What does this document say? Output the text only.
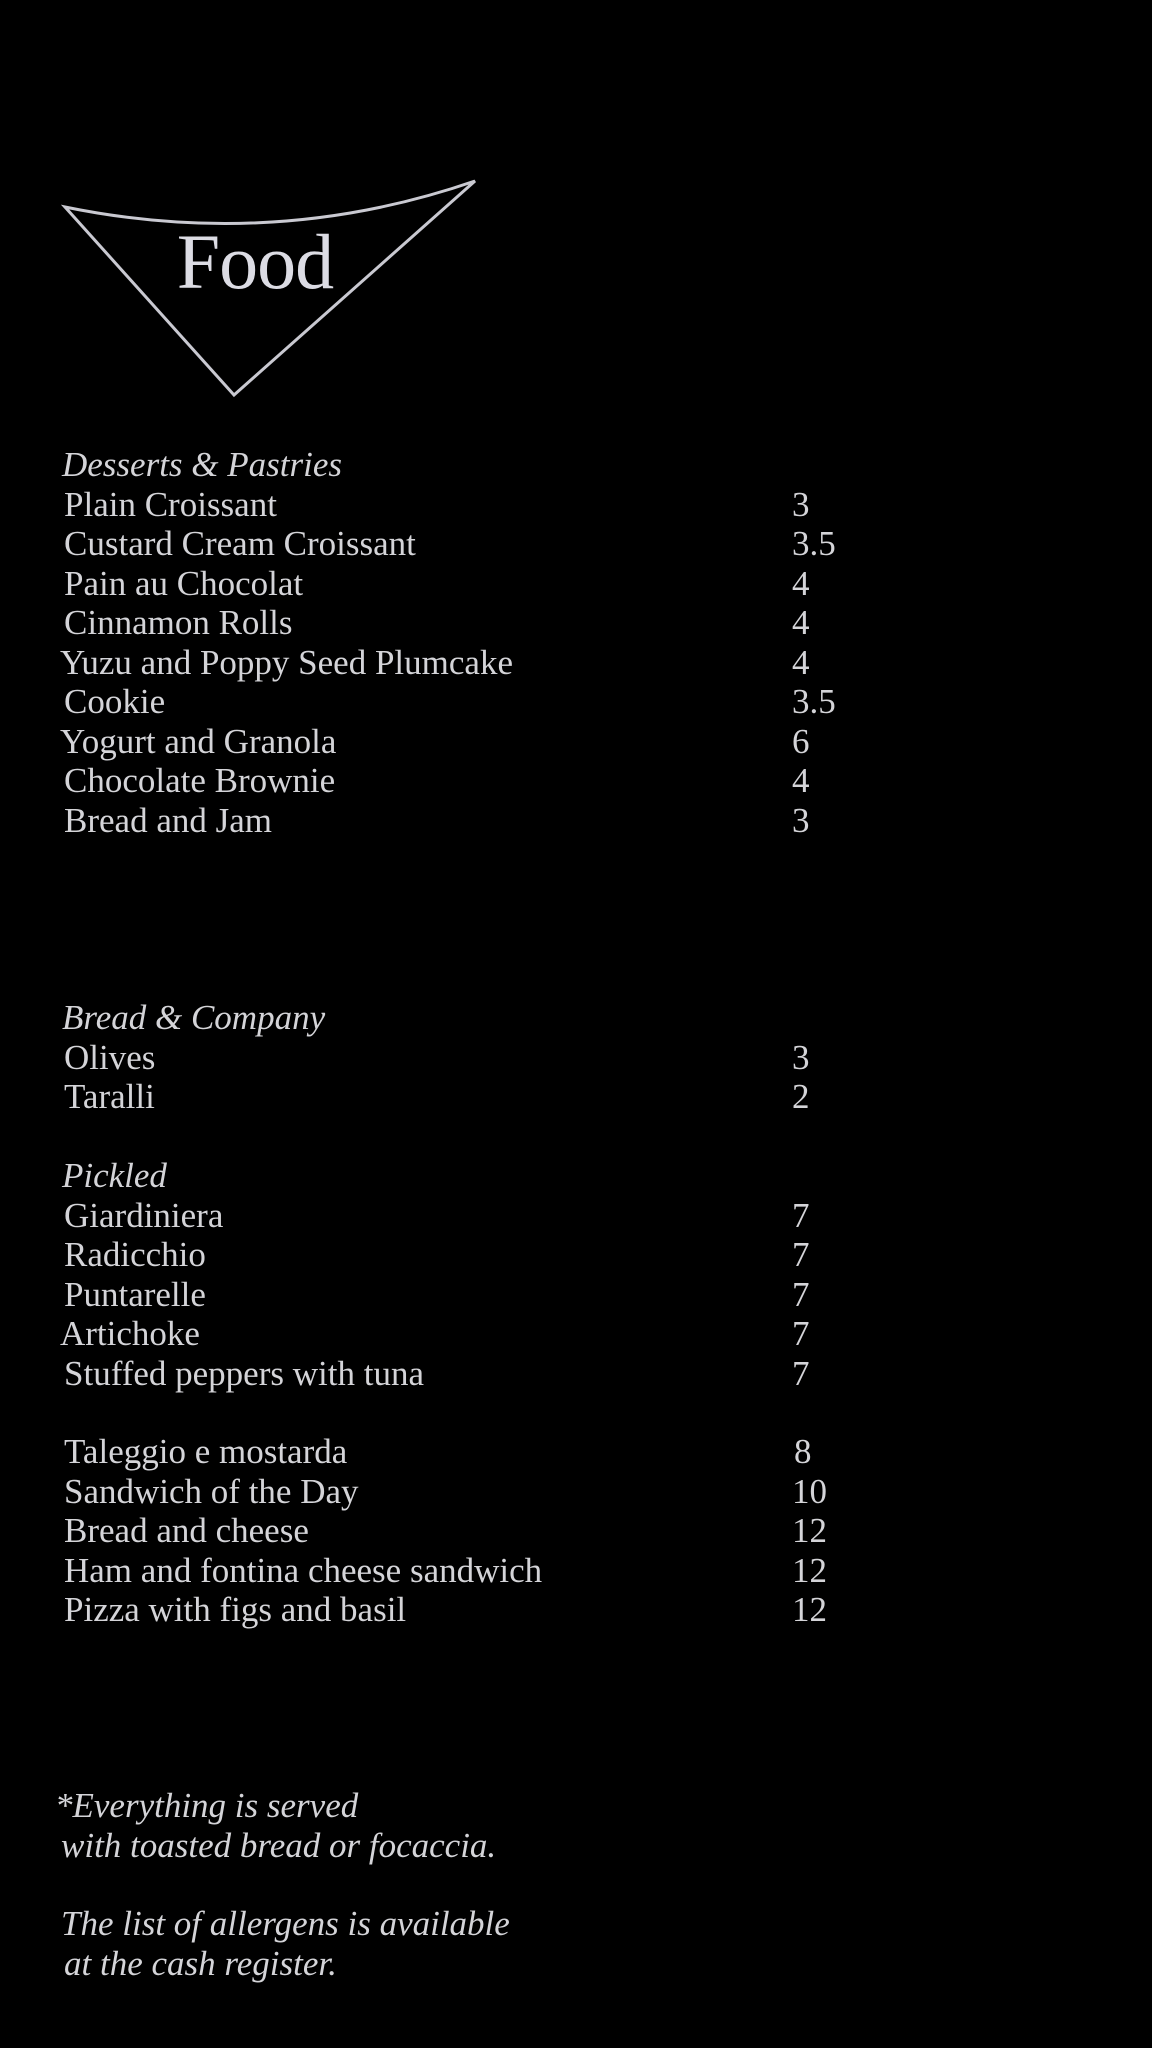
Food
Desserts & Pastries
Plain Croissant	3
Custard Cream Croissant	3.5
Pain au Chocolat	4
Cinnamon Rolls	4
Yuzu and Poppy Seed Plumcake	4
Cookie	3.5
Yogurt and Granola	6
Chocolate Brownie	4
Bread and Jam	3
Bread & Company
Olives	3
Taralli	2
Pickled
Giardiniera	7
Radicchio	7
Puntarelle	7
Artichoke	7
Stuffed peppers with tuna	7
Taleggio e mostarda	8
Sandwich of the Day	10
Bread and cheese	12
Ham and fontina cheese sandwich	12
Pizza with figs and basil	12
*Everything is served
with toasted bread or focaccia.
The list of allergens is available
at the cash register.
